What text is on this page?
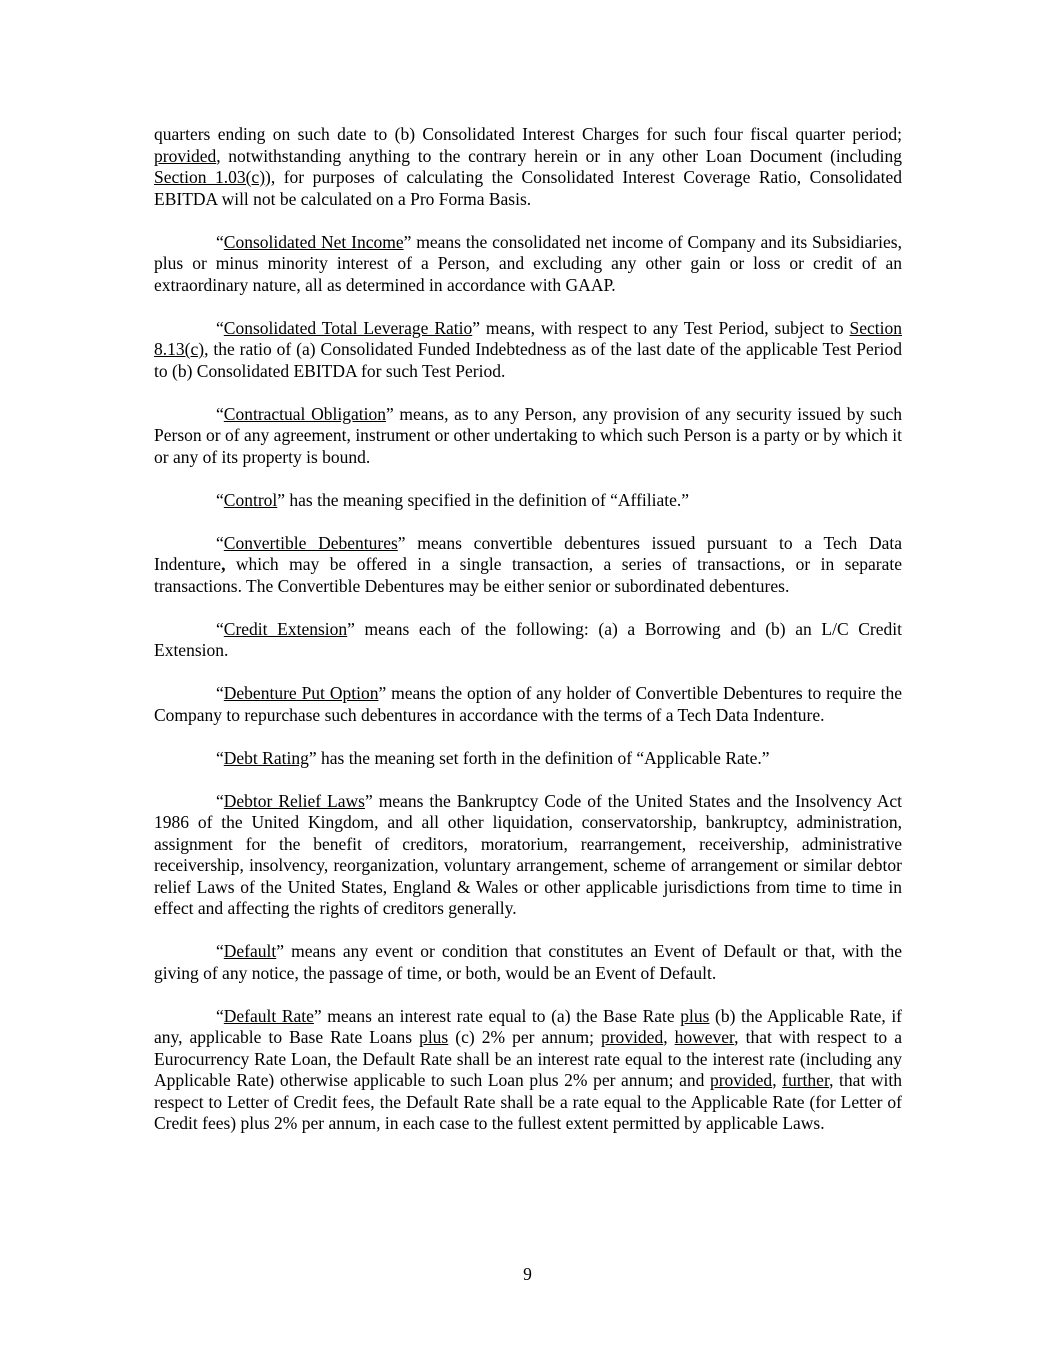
quarters ending on such date to (b) Consolidated Interest Charges for such four fiscal quarter period; provided, notwithstanding anything to the contrary herein or in any other Loan Document (including Section 1.03(c)), for purposes of calculating the Consolidated Interest Coverage Ratio, Consolidated EBITDA will not be calculated on a Pro Forma Basis.

“Consolidated Net Income” means the consolidated net income of Company and its Subsidiaries, plus or minus minority interest of a Person, and excluding any other gain or loss or credit of an extraordinary nature, all as determined in accordance with GAAP.

“Consolidated Total Leverage Ratio” means, with respect to any Test Period, subject to Section 8.13(c), the ratio of (a) Consolidated Funded Indebtedness as of the last date of the applicable Test Period to (b) Consolidated EBITDA for such Test Period.

“Contractual Obligation” means, as to any Person, any provision of any security issued by such Person or of any agreement, instrument or other undertaking to which such Person is a party or by which it or any of its property is bound.

“Control” has the meaning specified in the definition of “Affiliate.”

“Convertible Debentures” means convertible debentures issued pursuant to a Tech Data Indenture, which may be offered in a single transaction, a series of transactions, or in separate transactions. The Convertible Debentures may be either senior or subordinated debentures.

“Credit Extension” means each of the following: (a) a Borrowing and (b) an L/C Credit Extension.

“Debenture Put Option” means the option of any holder of Convertible Debentures to require the Company to repurchase such debentures in accordance with the terms of a Tech Data Indenture.

“Debt Rating” has the meaning set forth in the definition of “Applicable Rate.”

“Debtor Relief Laws” means the Bankruptcy Code of the United States and the Insolvency Act 1986 of the United Kingdom, and all other liquidation, conservatorship, bankruptcy, administration, assignment for the benefit of creditors, moratorium, rearrangement, receivership, administrative receivership, insolvency, reorganization, voluntary arrangement, scheme of arrangement or similar debtor relief Laws of the United States, England & Wales or other applicable jurisdictions from time to time in effect and affecting the rights of creditors generally.

“Default” means any event or condition that constitutes an Event of Default or that, with the giving of any notice, the passage of time, or both, would be an Event of Default.

“Default Rate” means an interest rate equal to (a) the Base Rate plus (b) the Applicable Rate, if any, applicable to Base Rate Loans plus (c) 2% per annum; provided, however, that with respect to a Eurocurrency Rate Loan, the Default Rate shall be an interest rate equal to the interest rate (including any Applicable Rate) otherwise applicable to such Loan plus 2% per annum; and provided, further, that with respect to Letter of Credit fees, the Default Rate shall be a rate equal to the Applicable Rate (for Letter of Credit fees) plus 2% per annum, in each case to the fullest extent permitted by applicable Laws.

9
